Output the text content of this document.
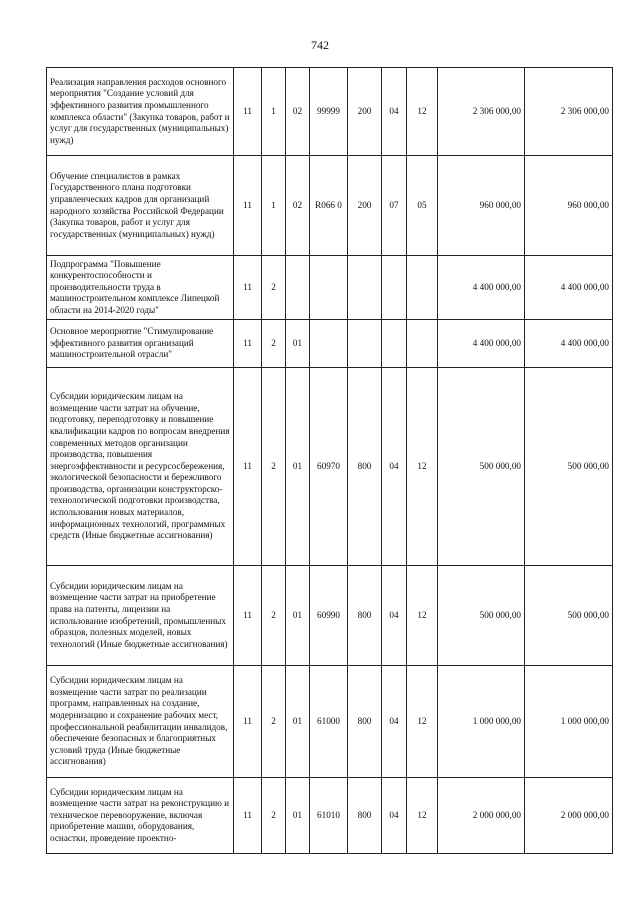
742
Реализация направления расходов основного мероприятия "Создание условий для эффективного развития промышленного комплекса области" (Закупка товаров, работ и услуг для государственных (муниципальных) нужд)	11	1	02	99999	200	04	12	2 306 000,00	2 306 000,00
Обучение специалистов в рамках Государственного плана подготовки управленческих кадров для организаций народного хозяйства Российской Федерации (Закупка товаров, работ и услуг для государственных (муниципальных) нужд)	11	1	02	R066 0	200	07	05	960 000,00	960 000,00
Подпрограмма "Повышение конкурентоспособности и производительности труда в машиностроительном комплексе Липецкой области на 2014-2020 годы"	11	2						4 400 000,00	4 400 000,00
Основное мероприятие "Стимулирование эффективного развития организаций машиностроительной отрасли"	11	2	01					4 400 000,00	4 400 000,00
Субсидии юридическим лицам на возмещение части затрат на обучение, подготовку, переподготовку и повышение квалификации кадров по вопросам внедрения современных методов организации производства, повышения энергоэффективности и ресурсосбережения, экологической безопасности и бережливого производства, организации конструкторско-технологической подготовки производства, использования новых материалов, информационных технологий, программных средств (Иные бюджетные ассигнования)	11	2	01	60970	800	04	12	500 000,00	500 000,00
Субсидии юридическим лицам на возмещение части затрат на приобретение права на патенты, лицензии на использование изобретений, промышленных образцов, полезных моделей, новых технологий (Иные бюджетные ассигнования)	11	2	01	60990	800	04	12	500 000,00	500 000,00
Субсидии юридическим лицам на возмещение части затрат по реализации программ, направленных на создание, модернизацию и сохранение рабочих мест, профессиональной реабилитации инвалидов, обеспечение безопасных и благоприятных условий труда (Иные бюджетные ассигнования)	11	2	01	61000	800	04	12	1 000 000,00	1 000 000,00
Субсидии юридическим лицам на возмещение части затрат на реконструкцию и техническое перевооружение, включая приобретение машин, оборудования, оснастки, проведение проектно-	11	2	01	61010	800	04	12	2 000 000,00	2 000 000,00
